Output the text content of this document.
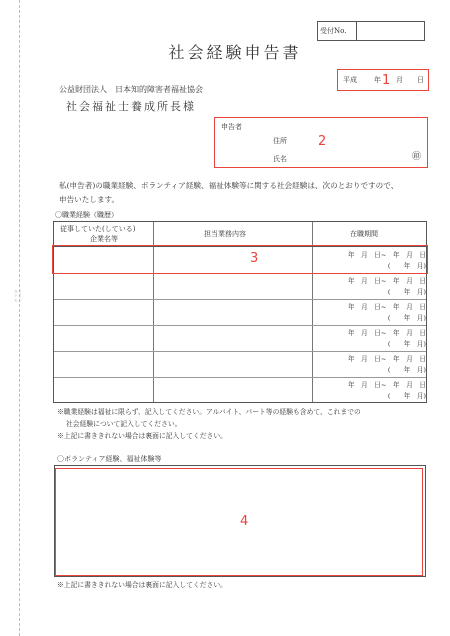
キリトリセン
受付No.
社会経験申告書
平成 1
年 月 日
公益財団法人　日本知的障害者福祉協会
社会福祉士養成所長様
申告者
住所 2
氏名	㊞
私(申告者)の職業経験、ボランティア経験、福祉体験等に関する社会経験は、次のとおりですので、
申告いたします。
〇職業経験（職歴）
従事していた(している)
企業名等
担当業務内容	在職期間
年　月　日~　年　月　日
(　　年　月)
年　月　日~　年　月　日
(　　年　月)
年　月　日~　年　月　日
(　　年　月)
年　月　日~　年　月　日
(　　年　月)
年　月　日~　年　月　日
(　　年　月)
年　月　日~　年　月　日
(　　年　月)
3
※職業経験は福祉に限らず、記入してください。アルバイト、パート等の経験も含めて、これまでの
社会経験について記入してください。
※上記に書ききれない場合は裏面に記入してください。
〇ボランティア経験、福祉体験等
4
※上記に書ききれない場合は裏面に記入してください。
